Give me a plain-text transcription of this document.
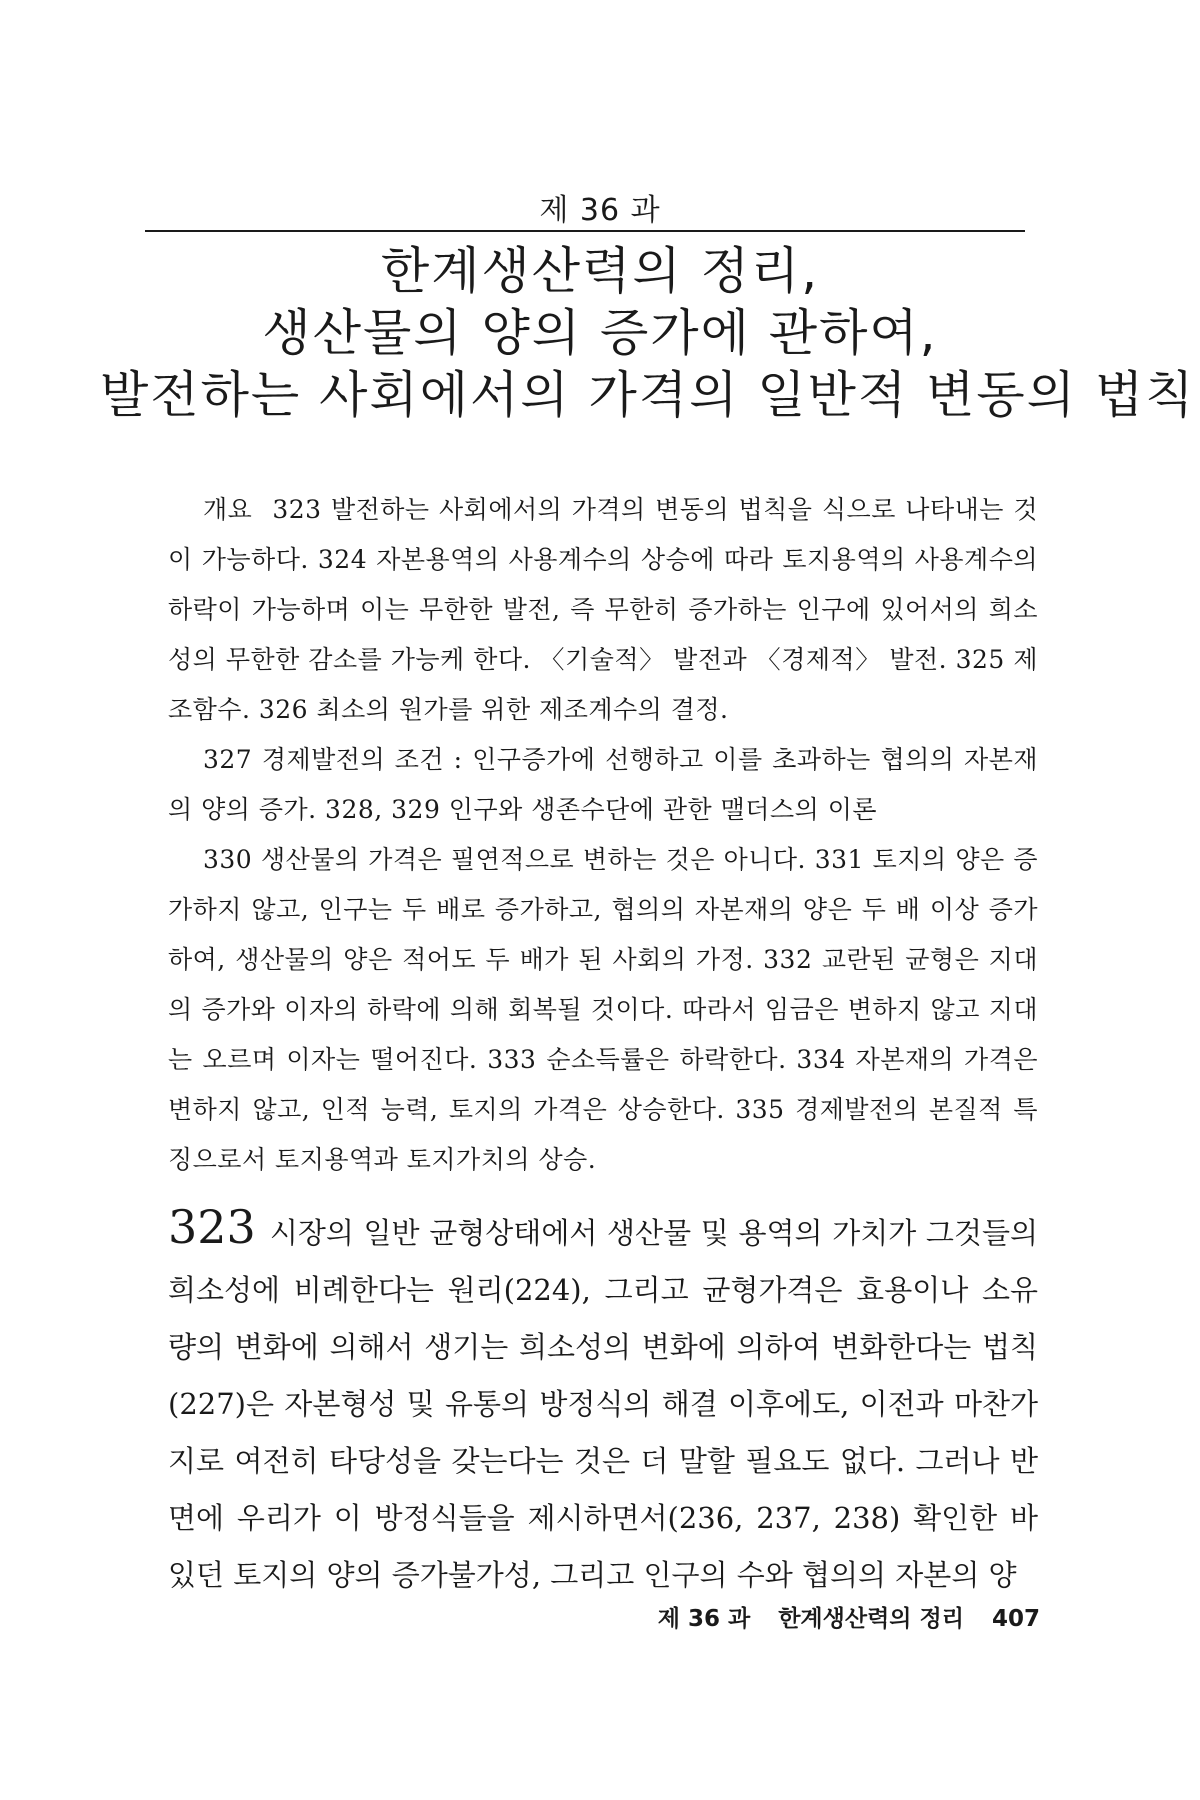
제 36 과
한계생산력의 정리,
생산물의 양의 증가에 관하여,
발전하는 사회에서의 가격의 일반적 변동의 법칙

개요 323 발전하는 사회에서의 가격의 변동의 법칙을 식으로 나타내는 것이 가능하다. 324 자본용역의 사용계수의 상승에 따라 토지용역의 사용계수의 하락이 가능하며 이는 무한한 발전, 즉 무한히 증가하는 인구에 있어서의 희소성의 무한한 감소를 가능케 한다. 〈기술적〉 발전과 〈경제적〉 발전. 325 제조함수. 326 최소의 원가를 위한 제조계수의 결정.

327 경제발전의 조건 : 인구증가에 선행하고 이를 초과하는 협의의 자본재의 양의 증가. 328, 329 인구와 생존수단에 관한 맬더스의 이론

330 생산물의 가격은 필연적으로 변하는 것은 아니다. 331 토지의 양은 증가하지 않고, 인구는 두 배로 증가하고, 협의의 자본재의 양은 두 배 이상 증가하여, 생산물의 양은 적어도 두 배가 된 사회의 가정. 332 교란된 균형은 지대의 증가와 이자의 하락에 의해 회복될 것이다. 따라서 임금은 변하지 않고 지대는 오르며 이자는 떨어진다. 333 순소득률은 하락한다. 334 자본재의 가격은 변하지 않고, 인적 능력, 토지의 가격은 상승한다. 335 경제발전의 본질적 특징으로서 토지용역과 토지가치의 상승.

323 시장의 일반 균형상태에서 생산물 및 용역의 가치가 그것들의 희소성에 비례한다는 원리(224), 그리고 균형가격은 효용이나 소유량의 변화에 의해서 생기는 희소성의 변화에 의하여 변화한다는 법칙(227)은 자본형성 및 유통의 방정식의 해결 이후에도, 이전과 마찬가지로 여전히 타당성을 갖는다는 것은 더 말할 필요도 없다. 그러나 반면에 우리가 이 방정식들을 제시하면서(236, 237, 238) 확인한 바 있던 토지의 양의 증가불가성, 그리고 인구의 수와 협의의 자본의 양

제 36 과 한계생산력의 정리 407
